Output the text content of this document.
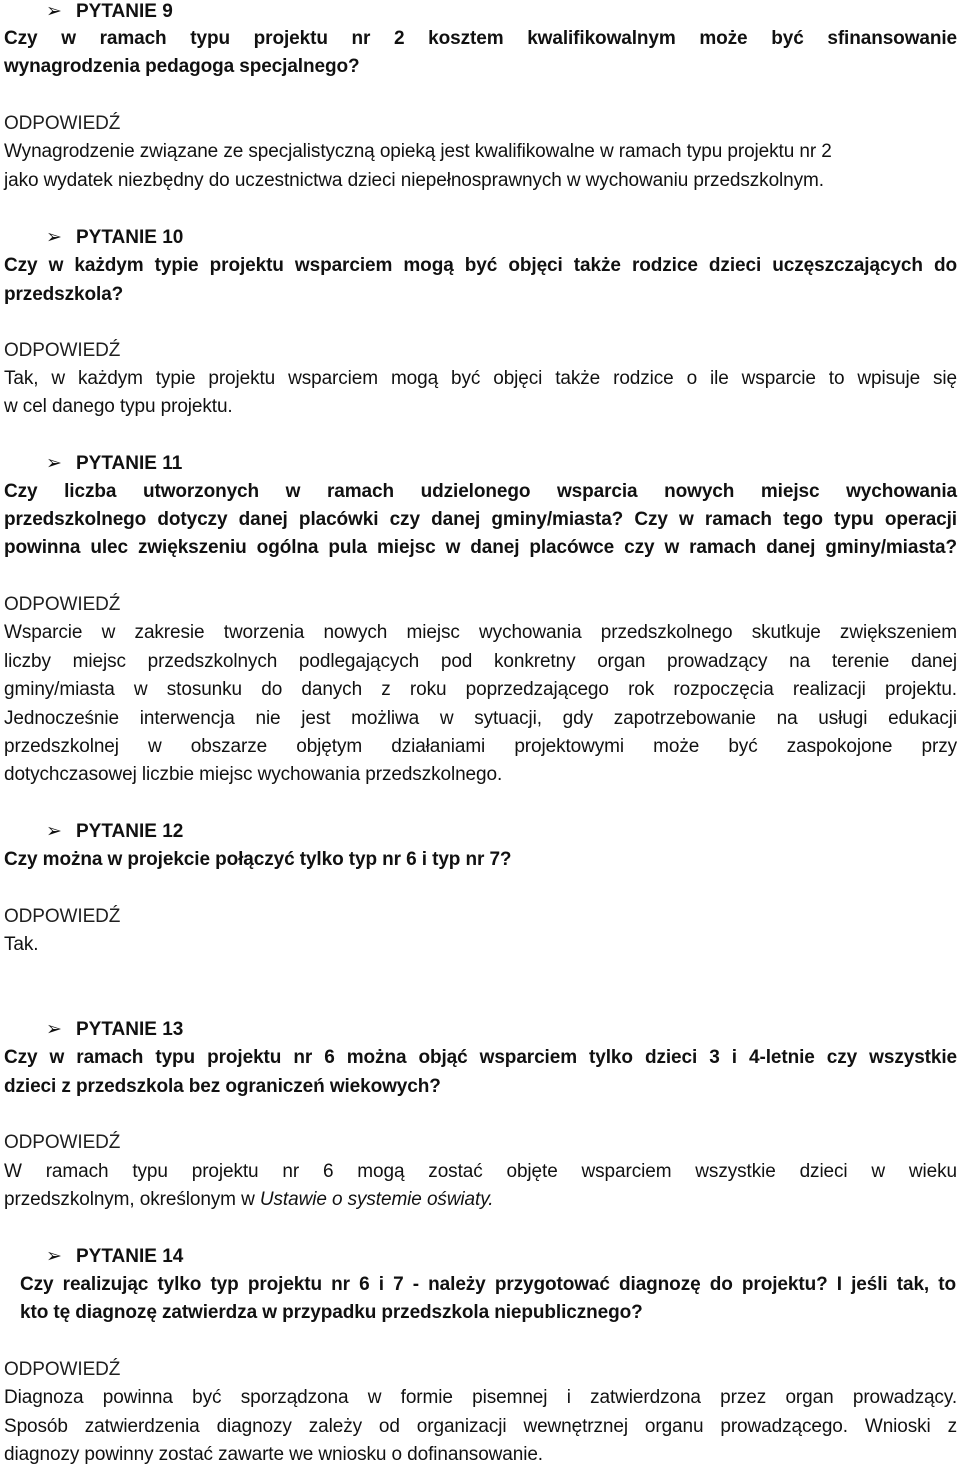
➢ PYTANIE 9
Czy w ramach typu projektu nr 2 kosztem kwalifikowalnym może być sfinansowanie
wynagrodzenia pedagoga specjalnego?
ODPOWIEDŹ
Wynagrodzenie związane ze specjalistyczną opieką jest kwalifikowalne w ramach typu projektu nr 2
jako wydatek niezbędny do uczestnictwa dzieci niepełnosprawnych w wychowaniu przedszkolnym.
➢ PYTANIE 10
Czy w każdym typie projektu wsparciem mogą być objęci także rodzice dzieci uczęszczających do
przedszkola?
ODPOWIEDŹ
Tak, w każdym typie projektu wsparciem mogą być objęci także rodzice o ile wsparcie to wpisuje się
w cel danego typu projektu.
➢ PYTANIE 11
Czy liczba utworzonych w ramach udzielonego wsparcia nowych miejsc wychowania
przedszkolnego dotyczy danej placówki czy danej gminy/miasta? Czy w ramach tego typu operacji
powinna ulec zwiększeniu ogólna pula miejsc w danej placówce czy w ramach danej gminy/miasta?
ODPOWIEDŹ
Wsparcie w zakresie tworzenia nowych miejsc wychowania przedszkolnego skutkuje zwiększeniem
liczby miejsc przedszkolnych podlegających pod konkretny organ prowadzący na terenie danej
gminy/miasta w stosunku do danych z roku poprzedzającego rok rozpoczęcia realizacji projektu.
Jednocześnie interwencja nie jest możliwa w sytuacji, gdy zapotrzebowanie na usługi edukacji
przedszkolnej w obszarze objętym działaniami projektowymi może być zaspokojone przy
dotychczasowej liczbie miejsc wychowania przedszkolnego.
➢ PYTANIE 12
Czy można w projekcie połączyć tylko typ nr 6 i typ nr 7?
ODPOWIEDŹ
Tak.
➢ PYTANIE 13
Czy w ramach typu projektu nr 6 można objąć wsparciem tylko dzieci 3 i 4-letnie czy wszystkie
dzieci z przedszkola bez ograniczeń wiekowych?
ODPOWIEDŹ
W ramach typu projektu nr 6 mogą zostać objęte wsparciem wszystkie dzieci w wieku
przedszkolnym, określonym w Ustawie o systemie oświaty.
➢ PYTANIE 14
Czy realizując tylko typ projektu nr 6 i 7 - należy przygotować diagnozę do projektu? I jeśli tak, to
kto tę diagnozę zatwierdza w przypadku przedszkola niepublicznego?
ODPOWIEDŹ
Diagnoza powinna być sporządzona w formie pisemnej i zatwierdzona przez organ prowadzący.
Sposób zatwierdzenia diagnozy zależy od organizacji wewnętrznej organu prowadzącego. Wnioski z
diagnozy powinny zostać zawarte we wniosku o dofinansowanie.
